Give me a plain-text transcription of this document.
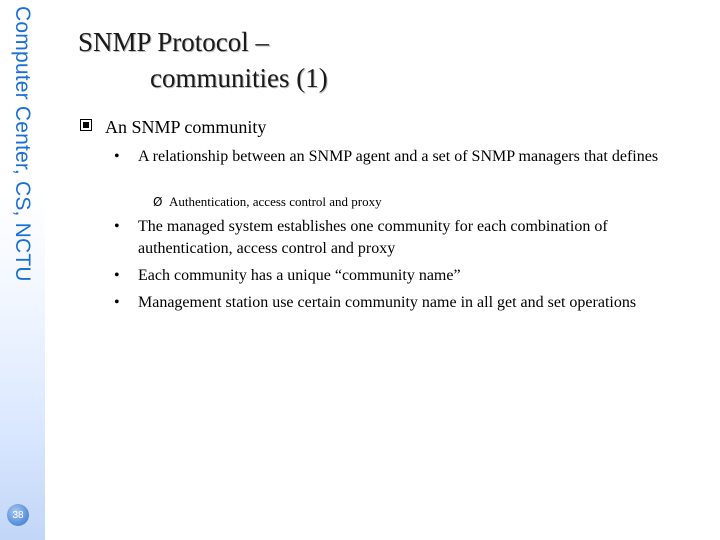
Computer Center, CS, NCTU
38
SNMP Protocol –
communities (1)
An SNMP community
• A relationship between an SNMP agent and a set of SNMP managers that defines
Ø Authentication, access control and proxy
• The managed system establishes one community for each combination of authentication, access control and proxy
• Each community has a unique “community name”
• Management station use certain community name in all get and set operations
